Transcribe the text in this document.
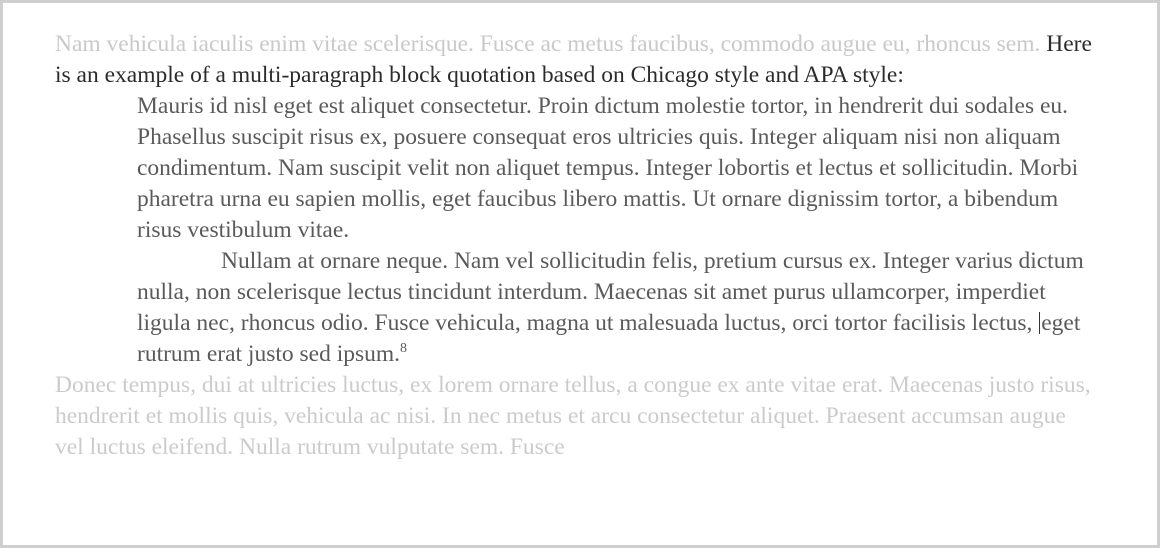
Nam vehicula iaculis enim vitae scelerisque. Fusce ac metus faucibus, commodo augue eu, rhoncus sem. Here is an example of a multi-paragraph block quotation based on Chicago style and APA style:

Mauris id nisl eget est aliquet consectetur. Proin dictum molestie tortor, in hendrerit dui sodales eu. Phasellus suscipit risus ex, posuere consequat eros ultricies quis. Integer aliquam nisi non aliquam condimentum. Nam suscipit velit non aliquet tempus. Integer lobortis et lectus et sollicitudin. Morbi pharetra urna eu sapien mollis, eget faucibus libero mattis. Ut ornare dignissim tortor, a bibendum risus vestibulum vitae.

Nullam at ornare neque. Nam vel sollicitudin felis, pretium cursus ex. Integer varius dictum nulla, non scelerisque lectus tincidunt interdum. Maecenas sit amet purus ullamcorper, imperdiet ligula nec, rhoncus odio. Fusce vehicula, magna ut malesuada luctus, orci tortor facilisis lectus, eget rutrum erat justo sed ipsum.$^8$

Donec tempus, dui at ultricies luctus, ex lorem ornare tellus, a congue ex ante vitae erat. Maecenas justo risus, hendrerit et mollis quis, vehicula ac nisi. In nec metus et arcu consectetur aliquet. Praesent accumsan augue vel luctus eleifend. Nulla rutrum vulputate sem. Fusce
